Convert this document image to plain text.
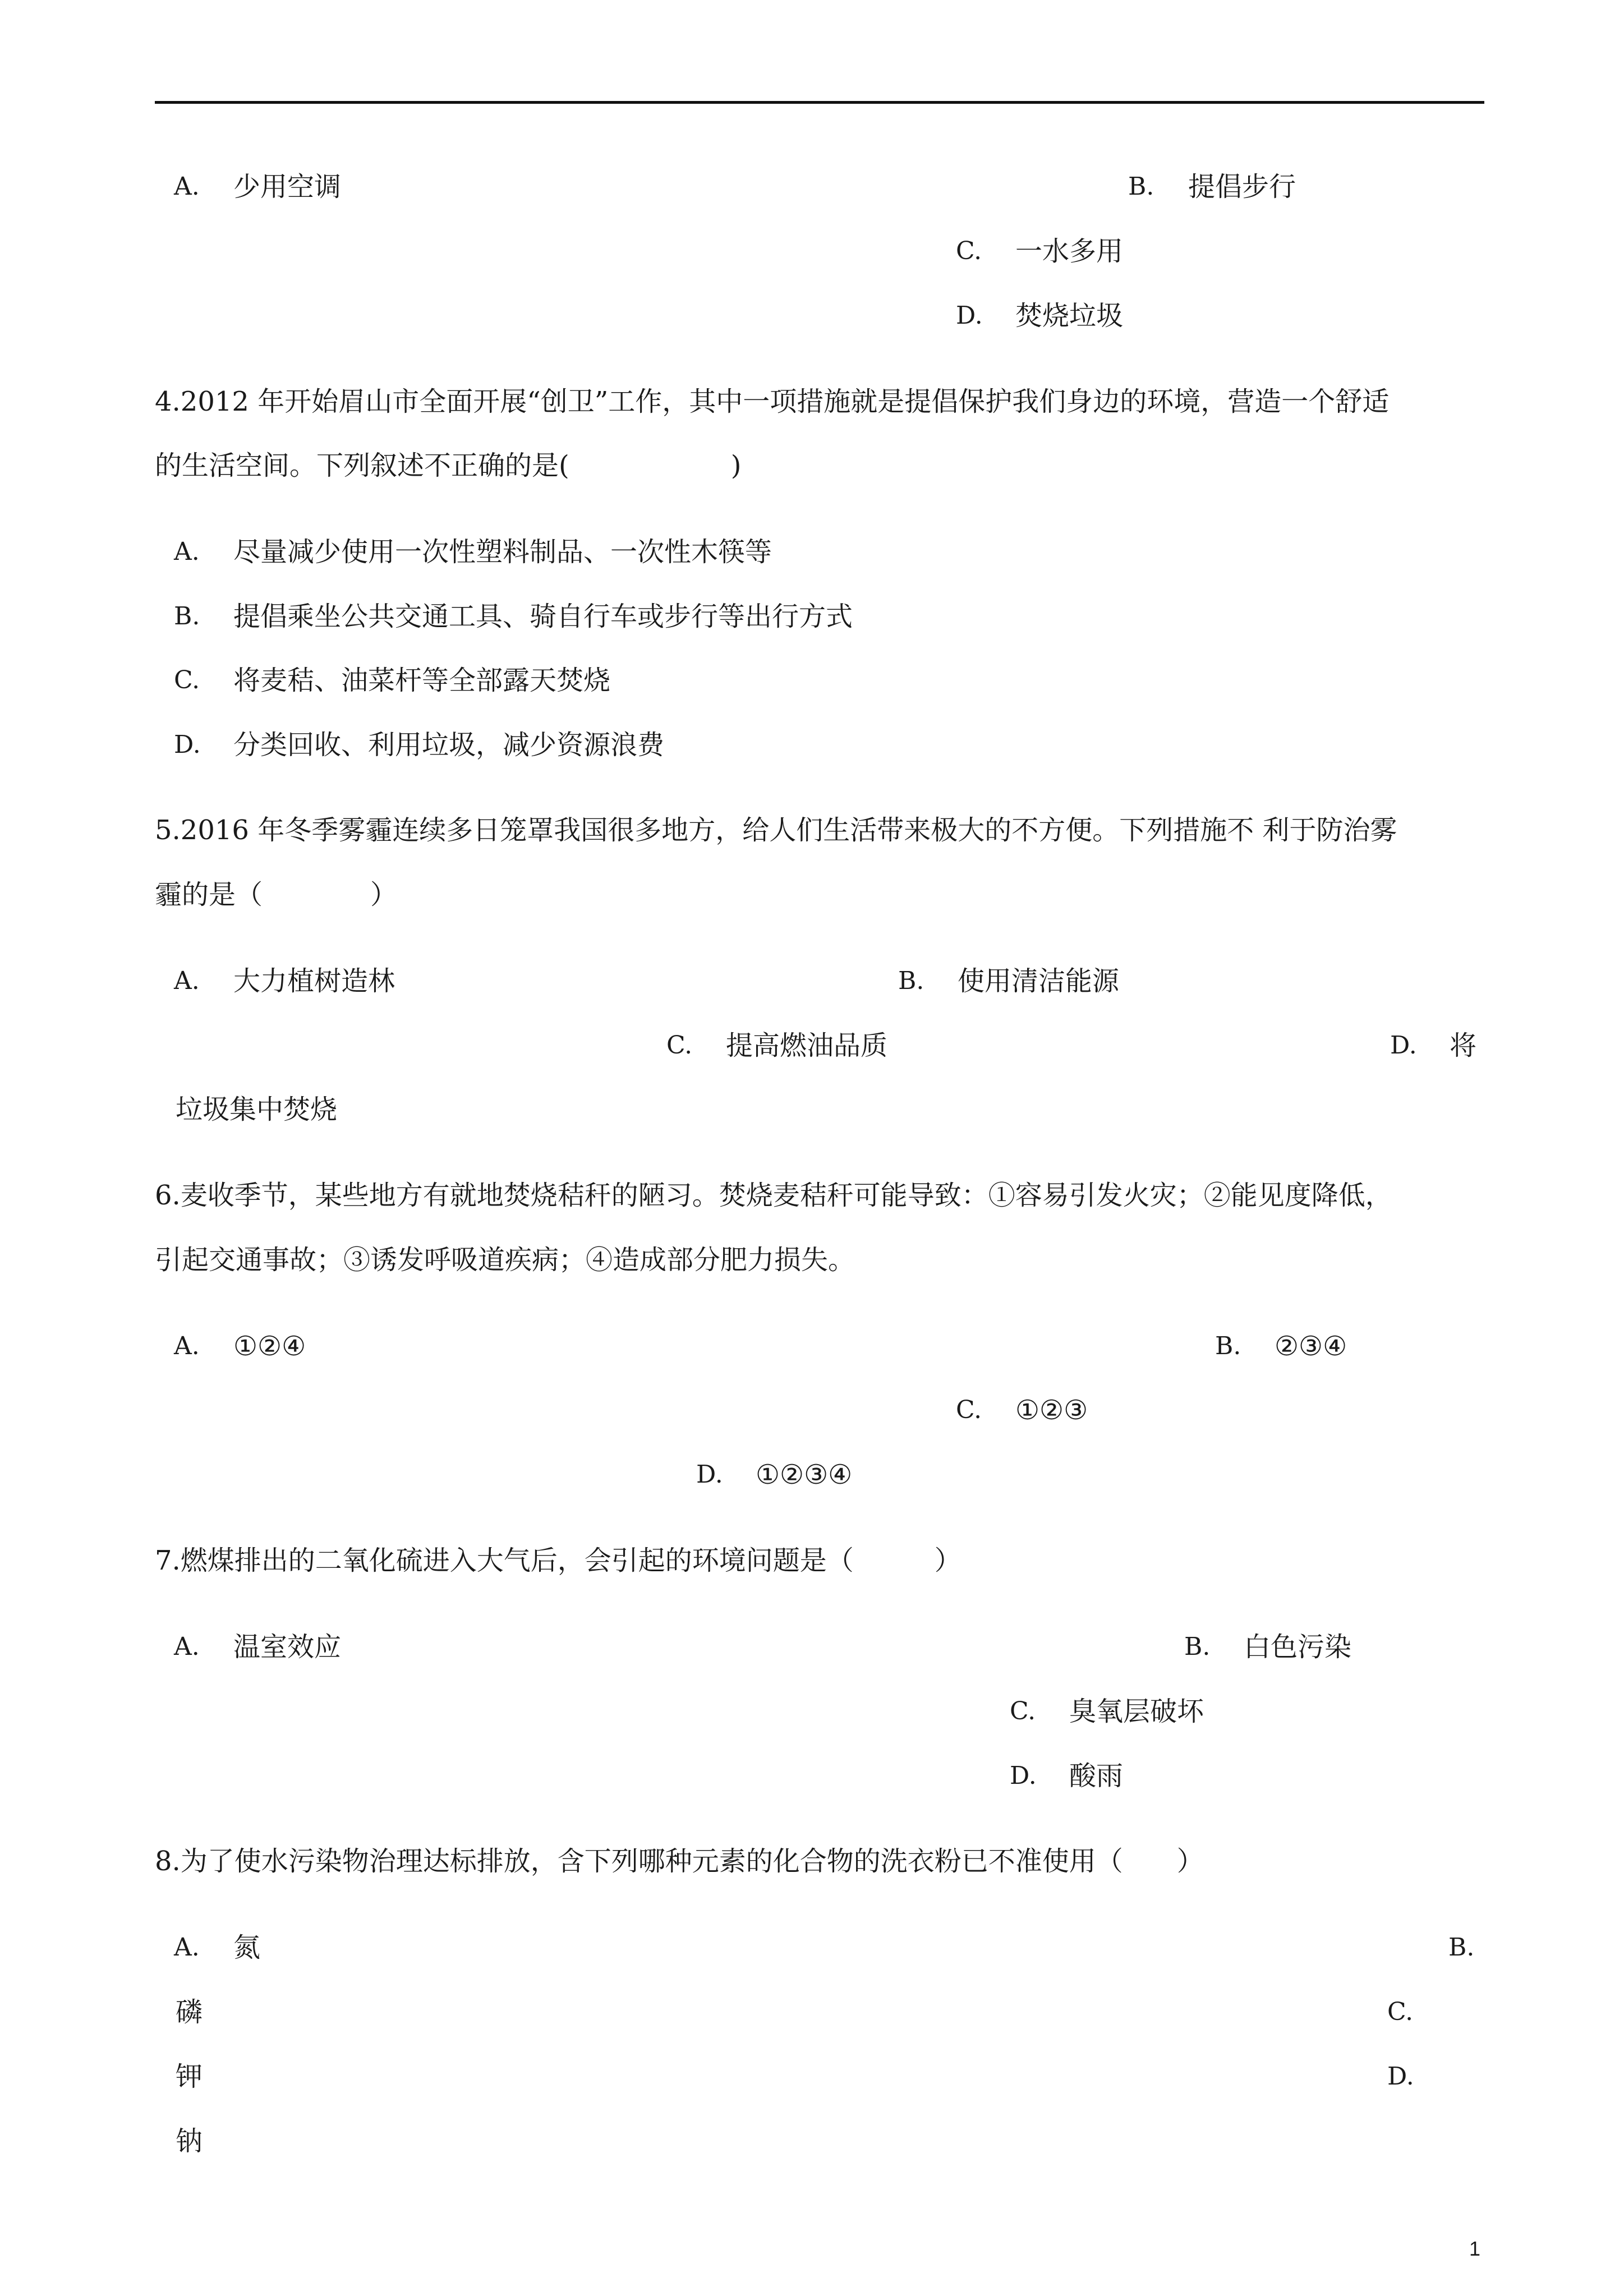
A. 少用空调	B. 提倡步行
C. 一水多用
D. 焚烧垃圾
4.2012 年开始眉山市全面开展“创卫”工作，其中一项措施就是提倡保护我们身边的环境，营造一个舒适
的生活空间。下列叙述不正确的是(　　　　　　)
A. 尽量减少使用一次性塑料制品、一次性木筷等
B. 提倡乘坐公共交通工具、骑自行车或步行等出行方式
C. 将麦秸、油菜杆等全部露天焚烧
D. 分类回收、利用垃圾，减少资源浪费
5.2016 年冬季雾霾连续多日笼罩我国很多地方，给人们生活带来极大的不方便。下列措施不 利于防治雾
霾的是（　　　　）
A. 大力植树造林	B. 使用清洁能源
C. 提高燃油品质	D. 将
垃圾集中焚烧
6.麦收季节，某些地方有就地焚烧秸秆的陋习。焚烧麦秸秆可能导致：①容易引发火灾；②能见度降低，
引起交通事故；③诱发呼吸道疾病；④造成部分肥力损失。
A. ①②④	B. ②③④
C. ①②③
D. ①②③④
7.燃煤排出的二氧化硫进入大气后，会引起的环境问题是（　　　）
A. 温室效应	B. 白色污染
C. 臭氧层破坏
D. 酸雨
8.为了使水污染物治理达标排放，含下列哪种元素的化合物的洗衣粉已不准使用（　　）
A. 氮	B.
磷	C.
钾	D.
钠
1
